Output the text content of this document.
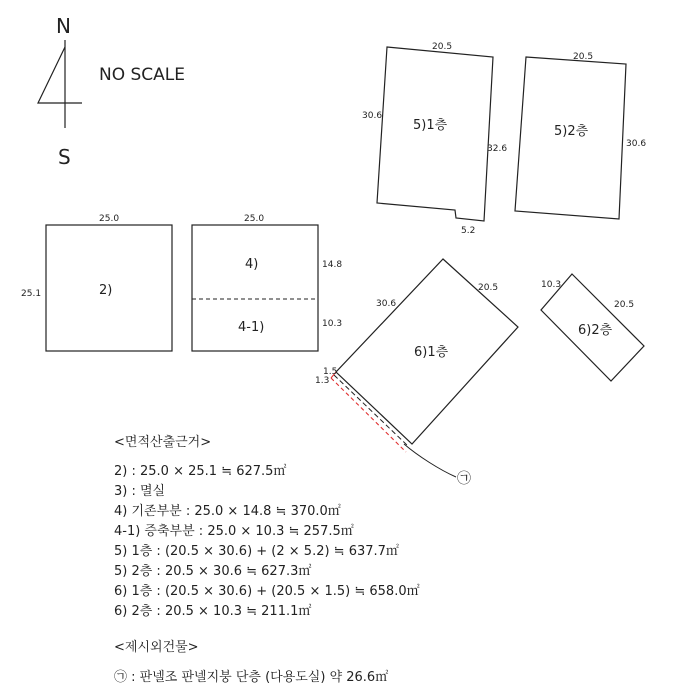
N
S
NO SCALE
25.0
25.1	2)
25.0
14.8
10.3
4)
4-1)
20.5
30.6
32.6
5.2
5)1층
20.5
30.6
5)2층
30.6
20.5
1.5
1.3
6)1층
㉠
10.3
20.5
6)2층
<면적산출근거>
2) : 25.0 × 25.1 ≒ 627.5㎡
3) : 멸실
4) 기존부분 : 25.0 × 14.8 ≒ 370.0㎡
4-1) 증축부분 : 25.0 × 10.3 ≒ 257.5㎡
5) 1층 : (20.5 × 30.6) + (2 × 5.2) ≒ 637.7㎡
5) 2층 : 20.5 × 30.6 ≒ 627.3㎡
6) 1층 : (20.5 × 30.6) + (20.5 × 1.5) ≒ 658.0㎡
6) 2층 : 20.5 × 10.3 ≒ 211.1㎡
<제시외건물>
㉠ : 판넬조 판넬지붕 단층 (다용도실) 약 26.6㎡
